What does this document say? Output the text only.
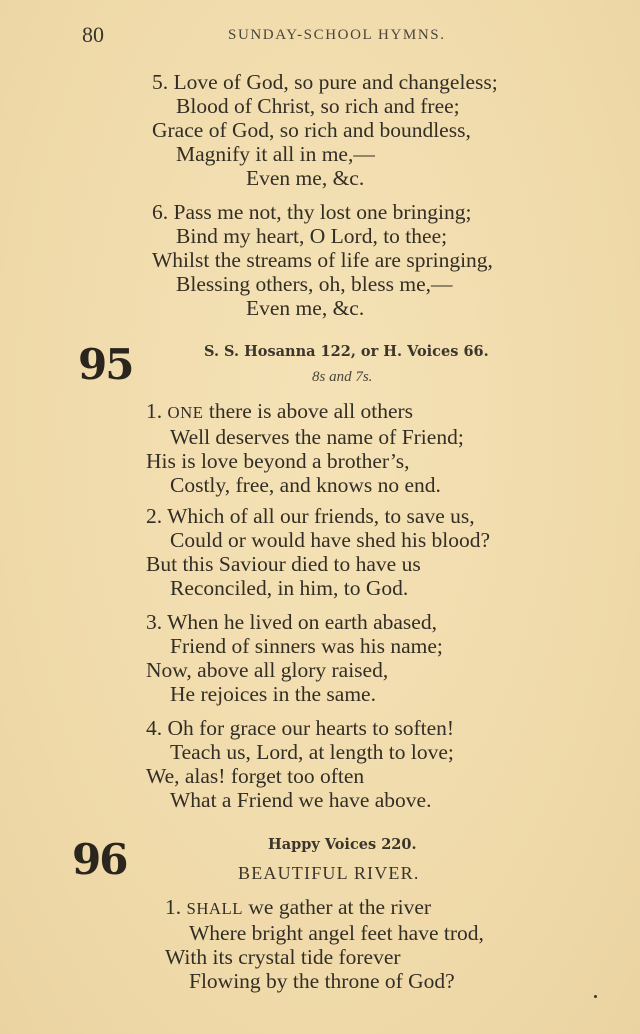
80	SUNDAY-SCHOOL HYMNS.
5. Love of God, so pure and changeless;
Blood of Christ, so rich and free;
Grace of God, so rich and boundless,
Magnify it all in me,—
Even me, &c.
6. Pass me not, thy lost one bringing;
Bind my heart, O Lord, to thee;
Whilst the streams of life are springing,
Blessing others, oh, bless me,—
Even me, &c.
95	S. S. Hosanna 122, or H. Voices 66.
8s and 7s.
1. ONE there is above all others
Well deserves the name of Friend;
His is love beyond a brother’s,
Costly, free, and knows no end.
2. Which of all our friends, to save us,
Could or would have shed his blood?
But this Saviour died to have us
Reconciled, in him, to God.
3. When he lived on earth abased,
Friend of sinners was his name;
Now, above all glory raised,
He rejoices in the same.
4. Oh for grace our hearts to soften!
Teach us, Lord, at length to love;
We, alas! forget too often
What a Friend we have above.
96	Happy Voices 220.
BEAUTIFUL RIVER.
1. SHALL we gather at the river
Where bright angel feet have trod,
With its crystal tide forever
Flowing by the throne of God?
